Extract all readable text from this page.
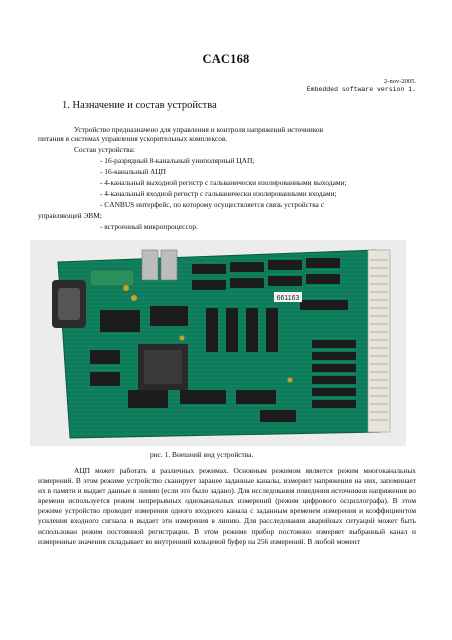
CAC168
2-nov-2005.
Embedded software version 1.
1. Назначение и состав устройства
Устройство предназначено для управления и контроля напряжений источников
питания в системах управления ускорительных комплексов.
Состав устройства:
- 16-разрядный 8-канальный униполярный ЦАП;
- 16-канальный АЦП
- 4-канальный выходной регистр с гальванически изолированными выходами;
- 4-канальный входной регистр с гальванически изолированными входами;
- CANBUS интерфейс, по которому осуществляется связь устройства с
управляющей ЭВМ;
- встроенный микропроцессор.
661163
рис. 1. Внешний вид устройства.

АЦП может работать в различных режимах. Основным режимом является режим многоканальных измерений. В этом режиме устройство сканирует заранее заданные каналы, измеряет напряжения на них, запоминает их в памяти и выдает данные в линию (если это было задано). Для исследования поведения источников напряжения во времени используется режим непрерывных одноканальных измерений (режим цифрового осциллографа). В этом режиме устройство проводит измерения одного входного канала с заданным временем измерения и коэффициентом усиления входного сигнала и выдает эти измерения в линию. Для расследования аварийных ситуаций может быть использован режим постоянной регистрации. В этом режиме прибор постоянно измеряет выбранный канал и измеренные значения складывает во внутренний кольцевой буфер на 256 измерений. В любой момент
